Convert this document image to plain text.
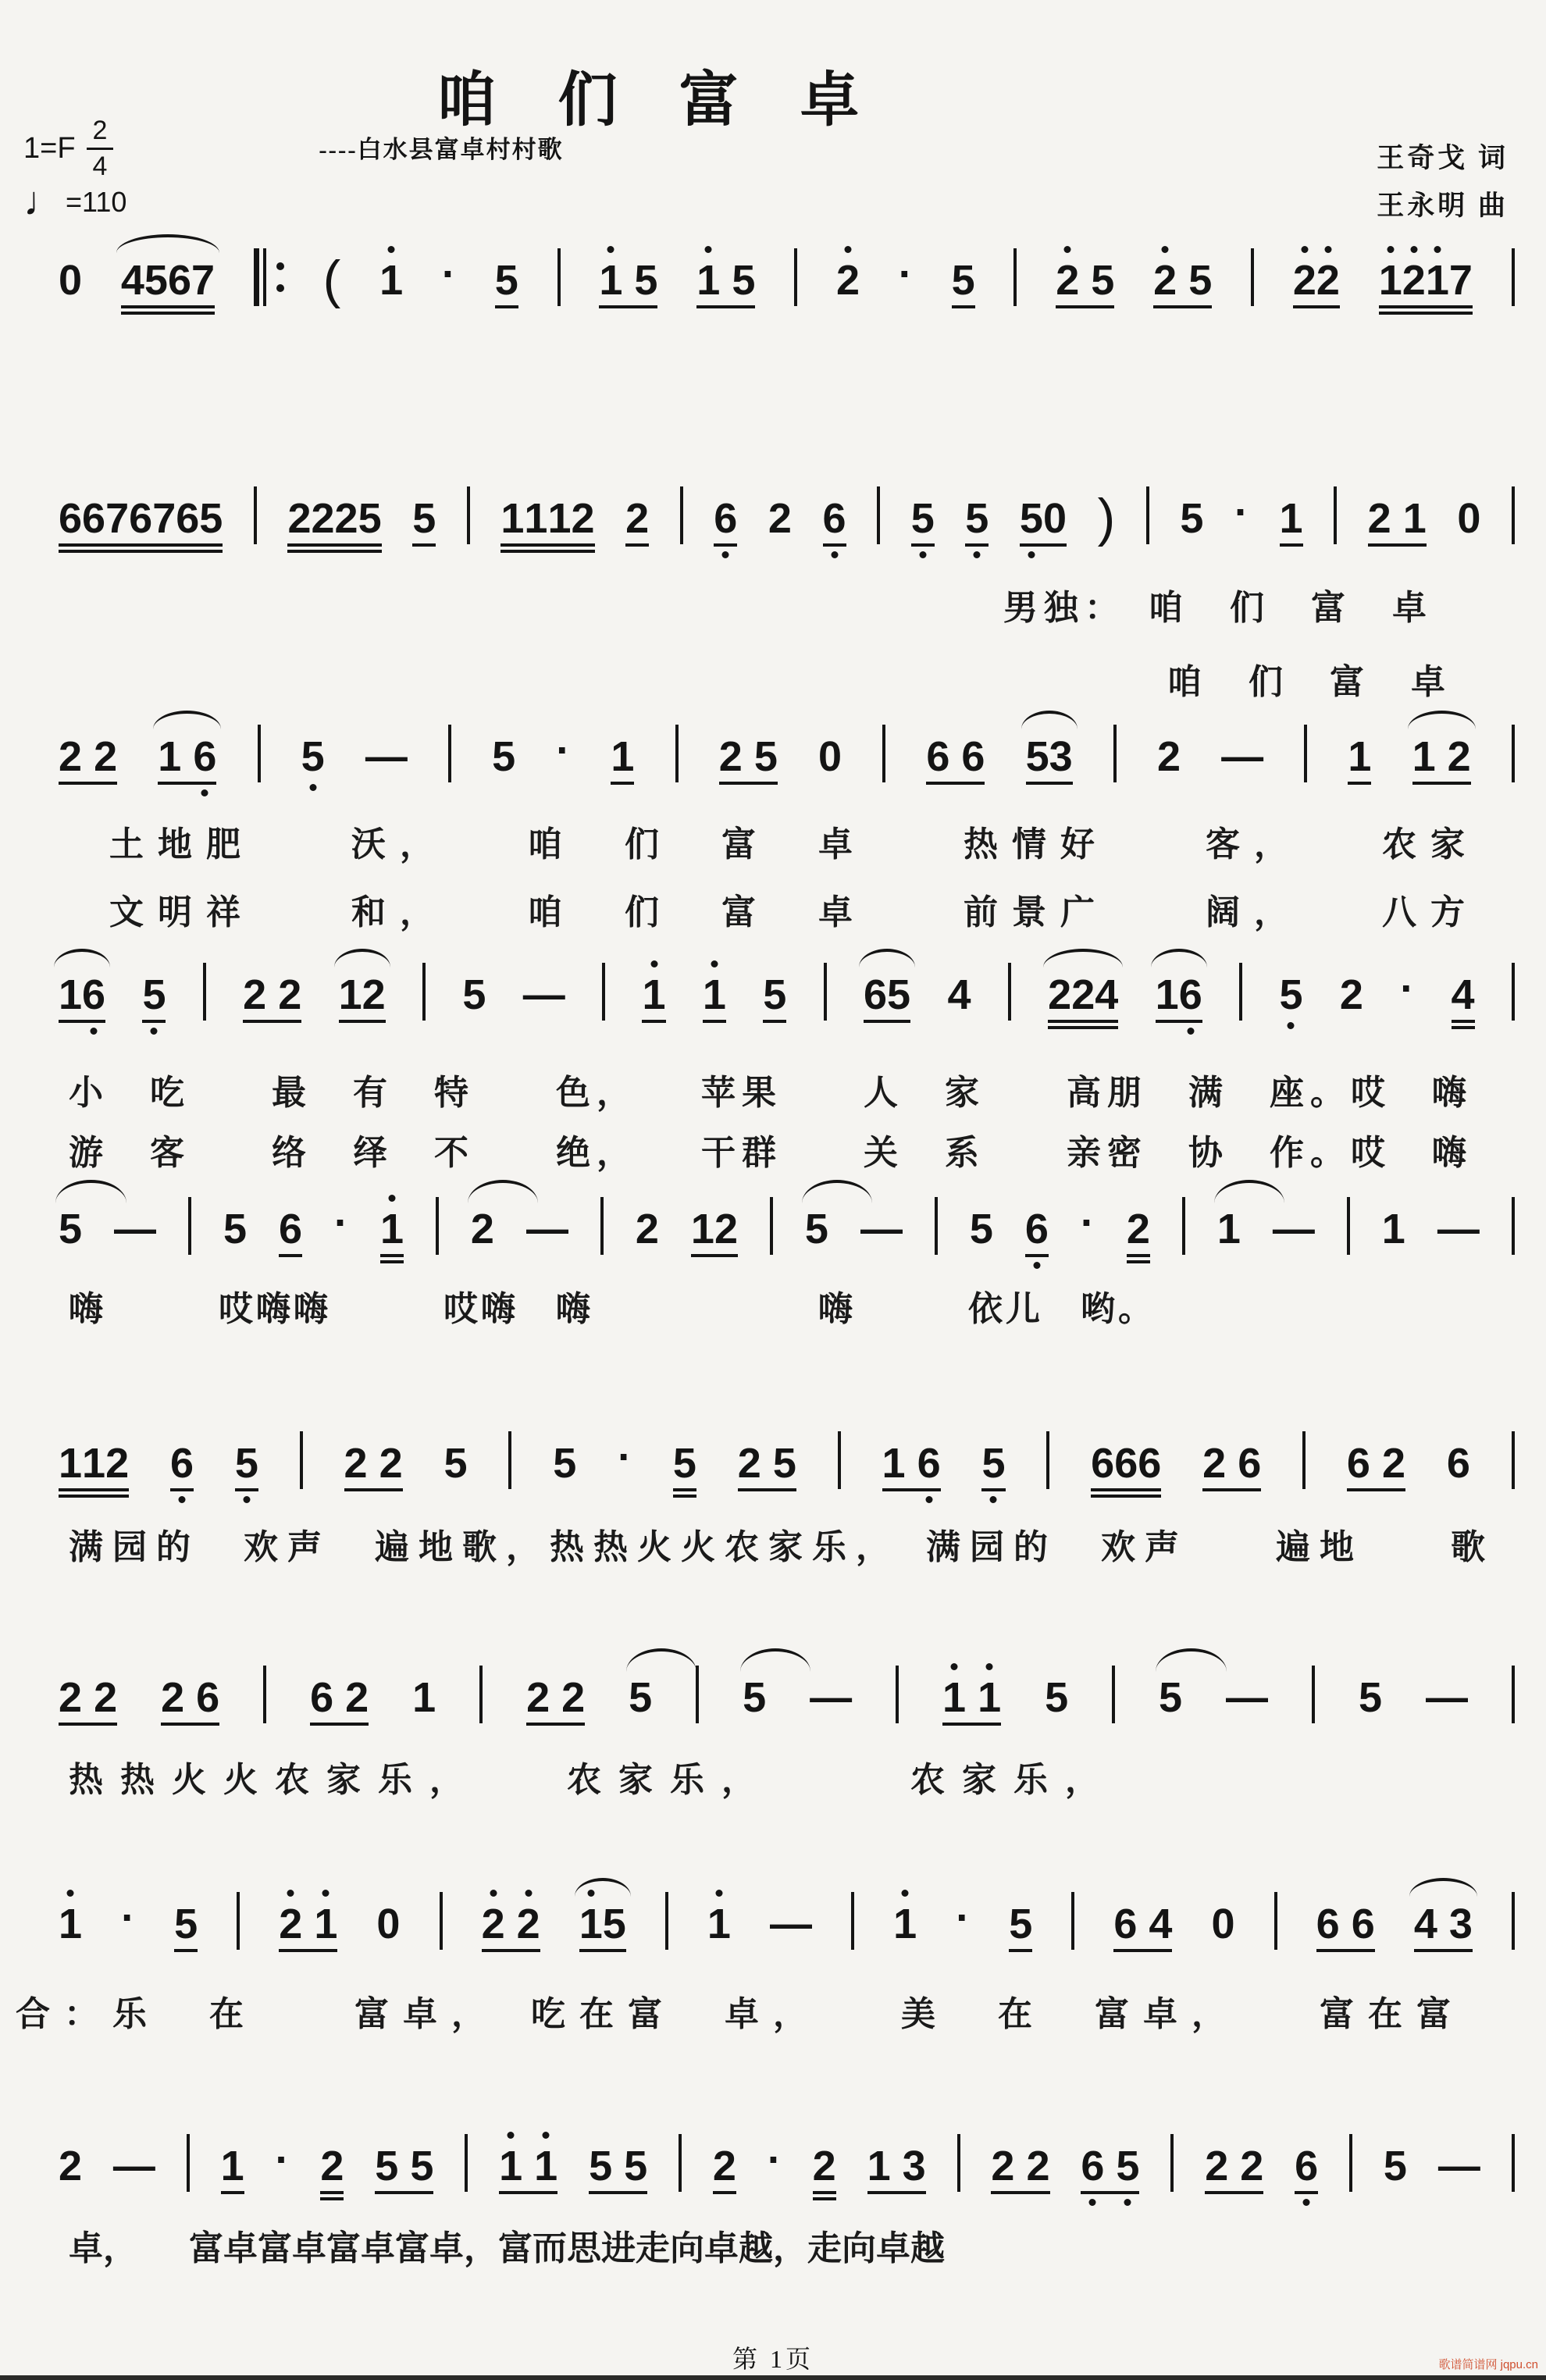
咱 们 富 卓
----白水县富卓村村歌
$1=F \frac{2}{4}$
♩ =110
王奇戈 词
王永明 曲
0 4567 ( 1 · 5 1 5 1 5 2 · 5 2 5 2 5 2
2 1
2
1
7
6676765 2225 5 1112 2 6 2 6 5 5 5
0 ) 5 · 1 2 1 0
2 2 1 6 5 — 5 · 1 2 5 0 6 6 53 2 — 1 1 2
16 5 2 2 12 5 — 1 1 5 65 4 224 16 5 2 · 4
5 — 5 6 · 1 2 — 2 12 5 — 5 6 · 2 1 — 1 —
112 6 5 2 2 5 5 · 5 2 5 1 6 5 666 2 6 6 2 6
2 2 2 6 6 2 1 2 2 5 5 — 1 1 5 5 — 5 —
1 · 5 2 1 0 2 2 1
5 1 — 1 · 5 6 4 0 6 6 4 3
2 — 1 · 2 5 5 1 1 5 5 2 · 2 1 3 2 2 6 5 2 2 6 5 —
男独：　咱　们　富　卓
咱　们　富　卓
土地肥　　沃，　　咱　们　富　卓　　热情好　　客，　　农家
文明祥　　和，　　咱　们　富　卓　　前景广　　阔，　　八方
小　吃　　最　有　特　　色，　　苹果　　人　家　　高朋　满　座。哎　嗨
游　客　　络　绎　不　　绝，　　干群　　关　系　　亲密　协　作。哎　嗨
嗨　　　哎嗨嗨　　　哎嗨　嗨　　　　　　嗨　　　依儿　哟。
满园的　欢声　遍地歌，热热火火农家乐，　满园的　欢声　　遍地　　歌
热热火火农家乐，　　农家乐，　　　农家乐，
合：乐　在　　富卓，　吃在富　卓，　　美　在　富卓，　　富在富
卓，　　富卓富卓富卓富卓，富而思进走向卓越，走向卓越
第 1页	歌谱简谱网 jqpu.cn
